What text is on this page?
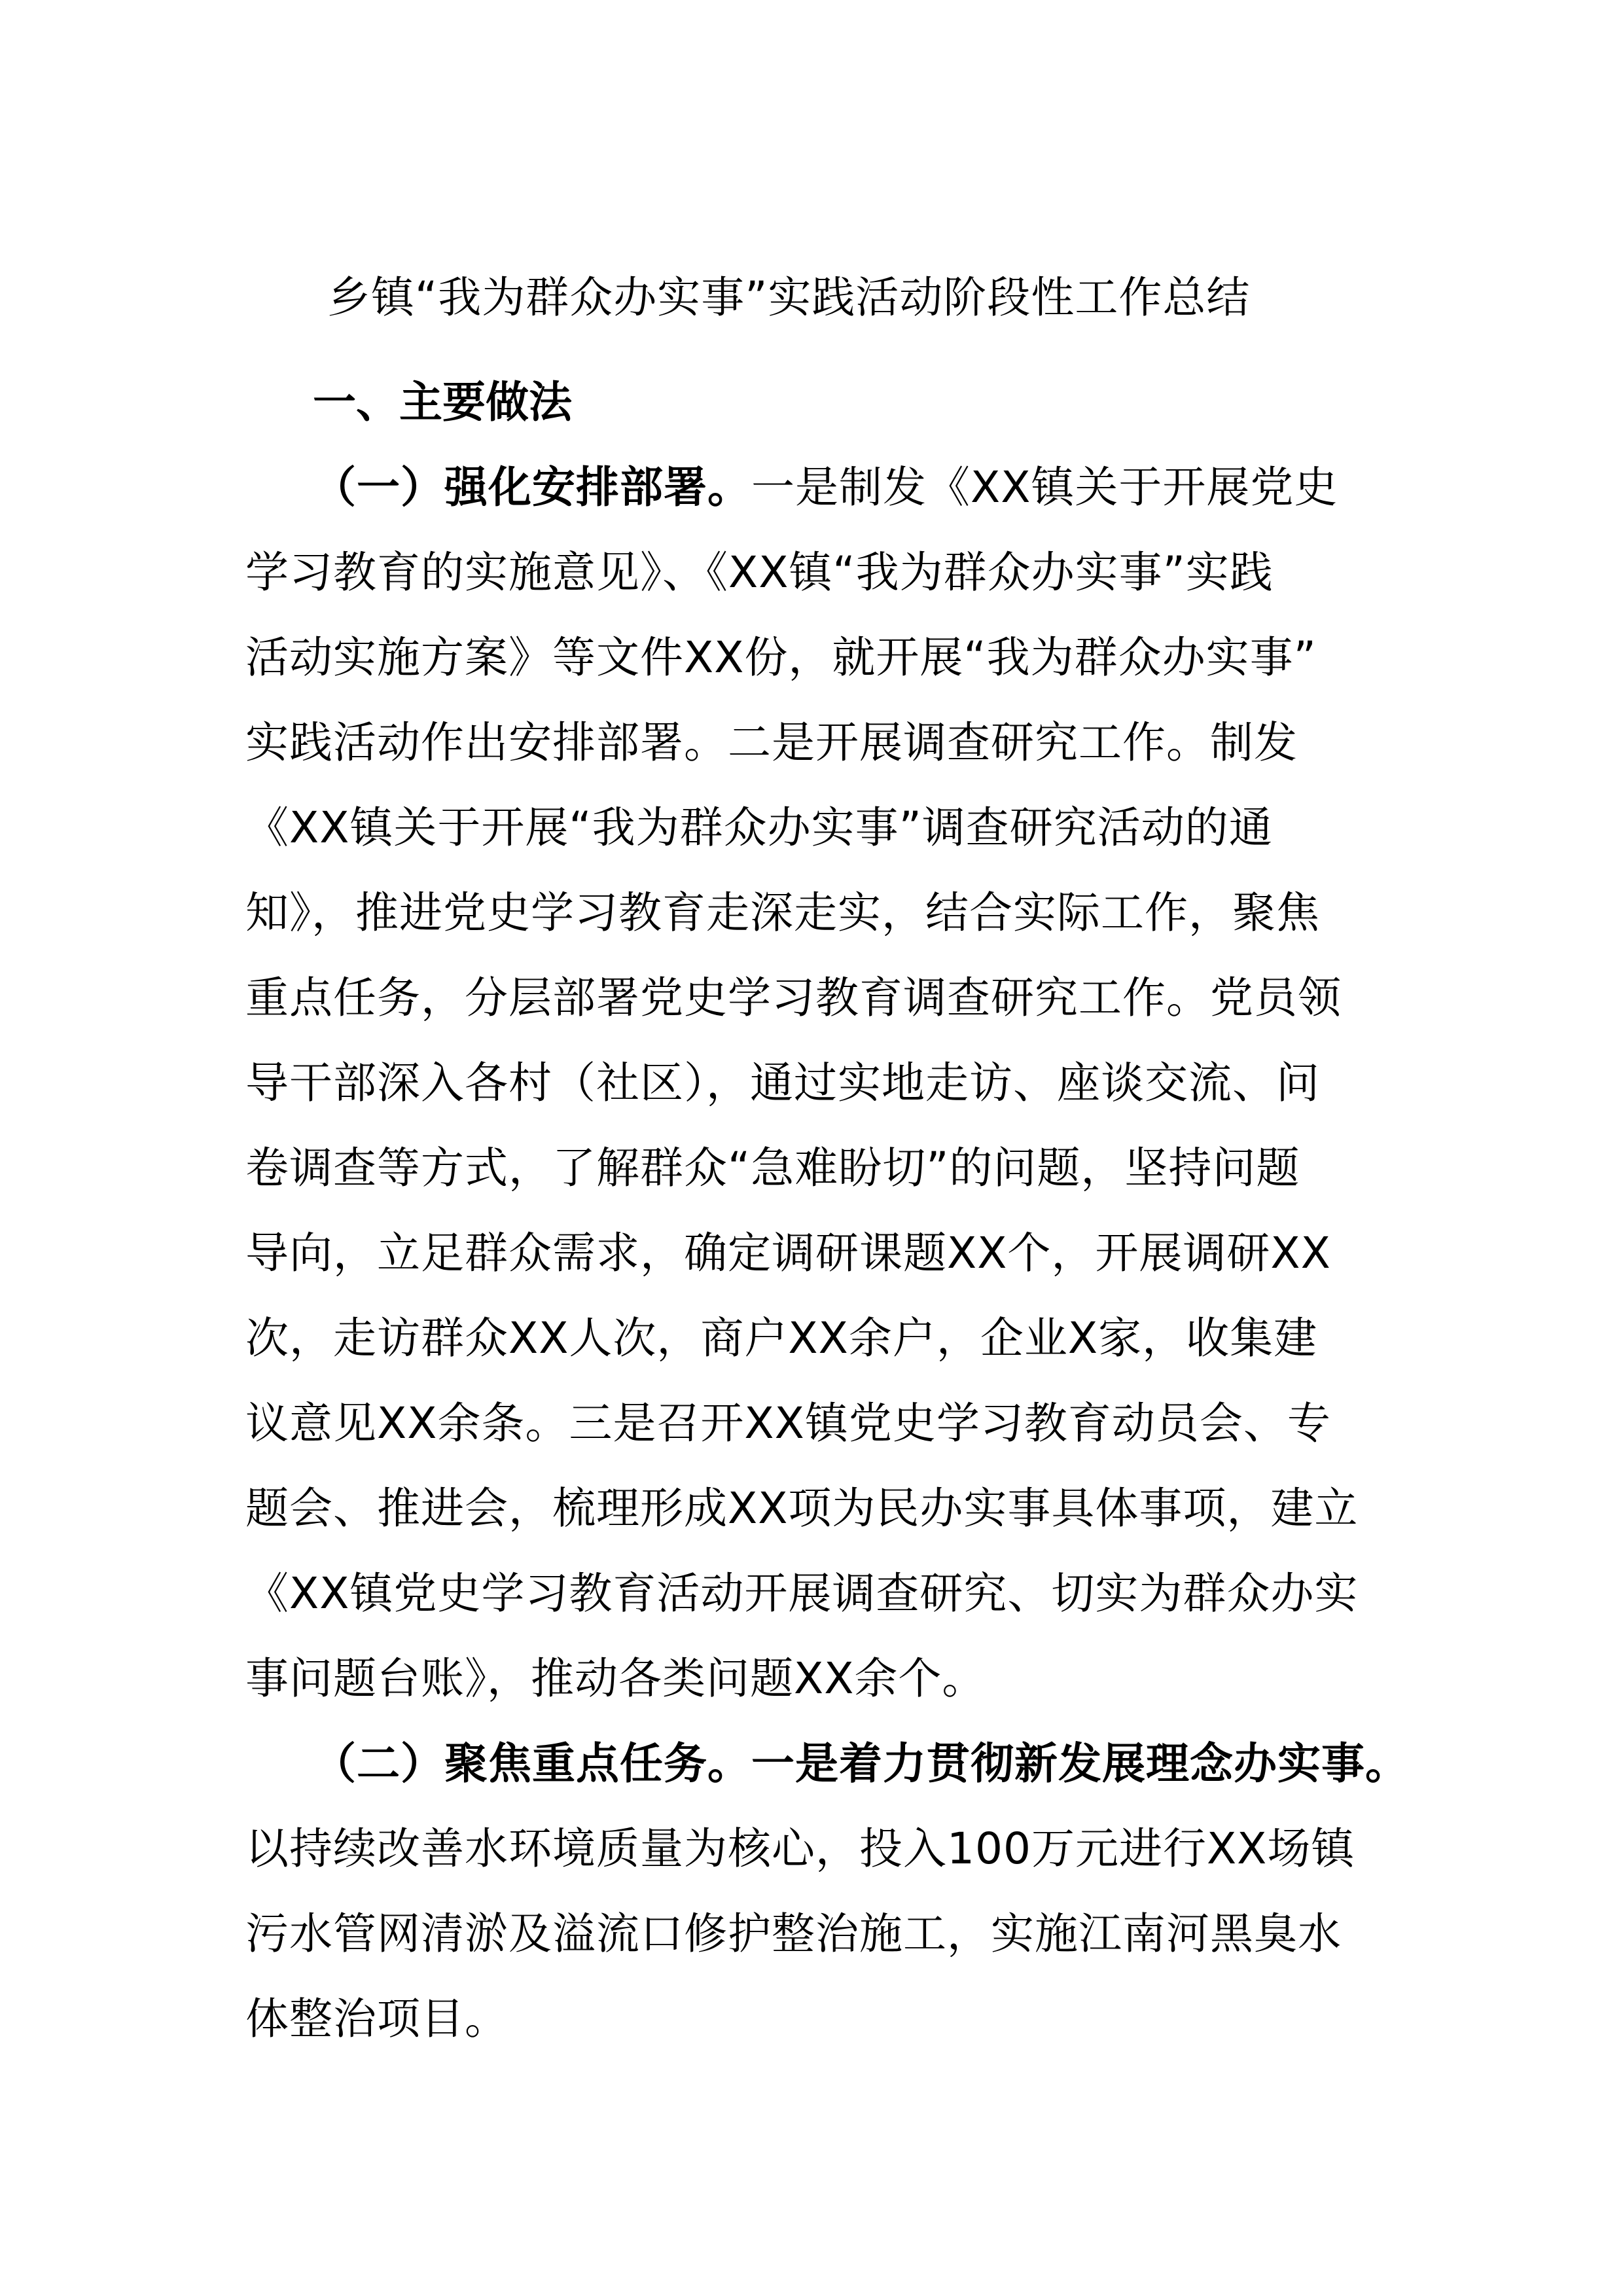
乡镇“我为群众办实事”实践活动阶段性工作总结
一、主要做法
（一）强化安排部署。一是制发《XX镇关于开展党史
学习教育的实施意见》、《XX镇“我为群众办实事”实践
活动实施方案》等文件XX份，就开展“我为群众办实事”
实践活动作出安排部署。二是开展调查研究工作。制发
《XX镇关于开展“我为群众办实事”调查研究活动的通
知》，推进党史学习教育走深走实，结合实际工作，聚焦
重点任务，分层部署党史学习教育调查研究工作。党员领
导干部深入各村（社区），通过实地走访、座谈交流、问
卷调查等方式，了解群众“急难盼切”的问题，坚持问题
导向，立足群众需求，确定调研课题XX个，开展调研XX
次，走访群众XX人次，商户XX余户，企业X家，收集建
议意见XX余条。三是召开XX镇党史学习教育动员会、专
题会、推进会，梳理形成XX项为民办实事具体事项，建立
《XX镇党史学习教育活动开展调查研究、切实为群众办实
事问题台账》，推动各类问题XX余个。
（二）聚焦重点任务。一是着力贯彻新发展理念办实事。
以持续改善水环境质量为核心，投入100万元进行XX场镇
污水管网清淤及溢流口修护整治施工，实施江南河黑臭水
体整治项目。
